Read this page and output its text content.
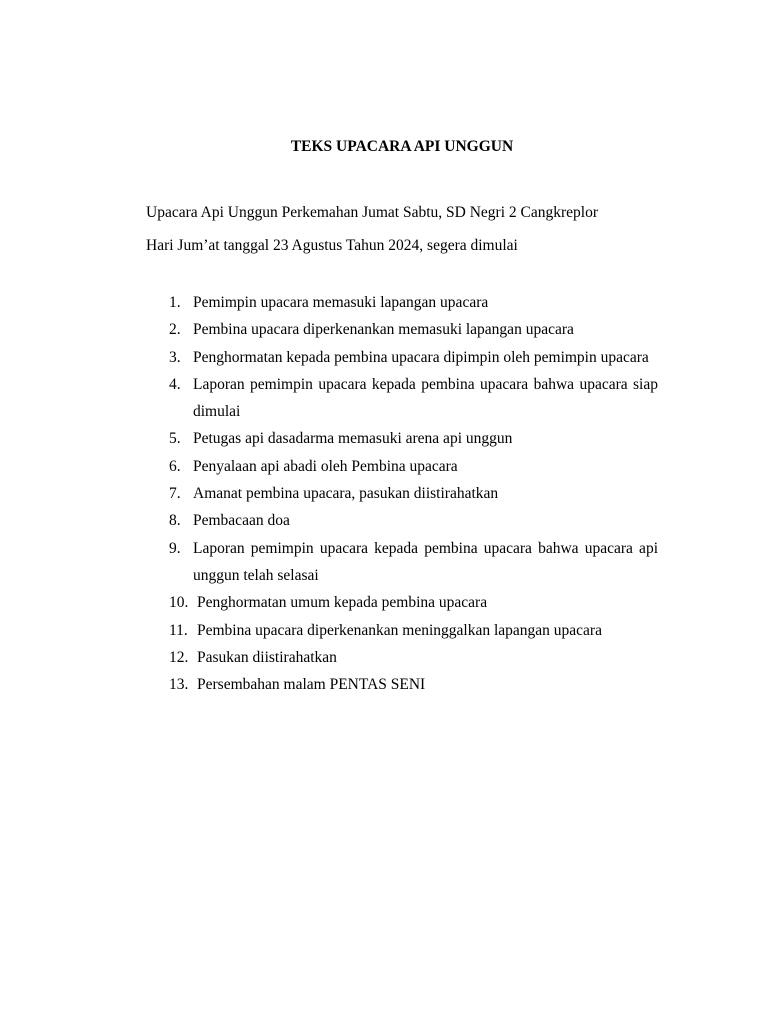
TEKS UPACARA API UNGGUN
Upacara Api Unggun Perkemahan Jumat Sabtu, SD Negri 2 Cangkreplor
Hari Jum’at tanggal 23 Agustus Tahun 2024, segera dimulai
1. Pemimpin upacara memasuki lapangan upacara
2. Pembina upacara diperkenankan memasuki lapangan upacara
3. Penghormatan kepada pembina upacara dipimpin oleh pemimpin upacara
4. Laporan pemimpin upacara kepada pembina upacara bahwa upacara siap dimulai
5. Petugas api dasadarma memasuki arena api unggun
6. Penyalaan api abadi oleh Pembina upacara
7. Amanat pembina upacara, pasukan diistirahatkan
8. Pembacaan doa
9. Laporan pemimpin upacara kepada pembina upacara bahwa upacara api unggun telah selasai
10. Penghormatan umum kepada pembina upacara
11. Pembina upacara diperkenankan meninggalkan lapangan upacara
12. Pasukan diistirahatkan
13. Persembahan malam PENTAS SENI
